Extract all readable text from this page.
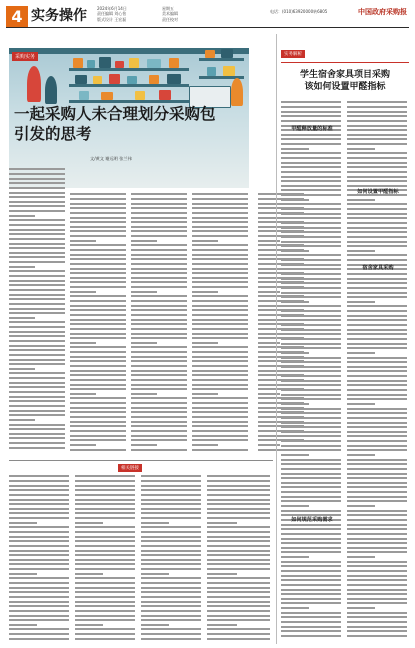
4 实务操作	2024年6月14日
责任编辑 刘心怡
版式设计 王宏磊
星期五
美术编辑
责任校对
电话：(010)63920000转6805	中国政府采购报
采购实务
一起采购人未合理划分采购包
引发的思考
文/黄文 谢远明 张兰伟
相关链接
实务解析
学生宿舍家具项目采购
该如何设置甲醛指标
甲醛释放量的标准
如何设置甲醛指标
宿舍家具采购
如何规范采购需求
